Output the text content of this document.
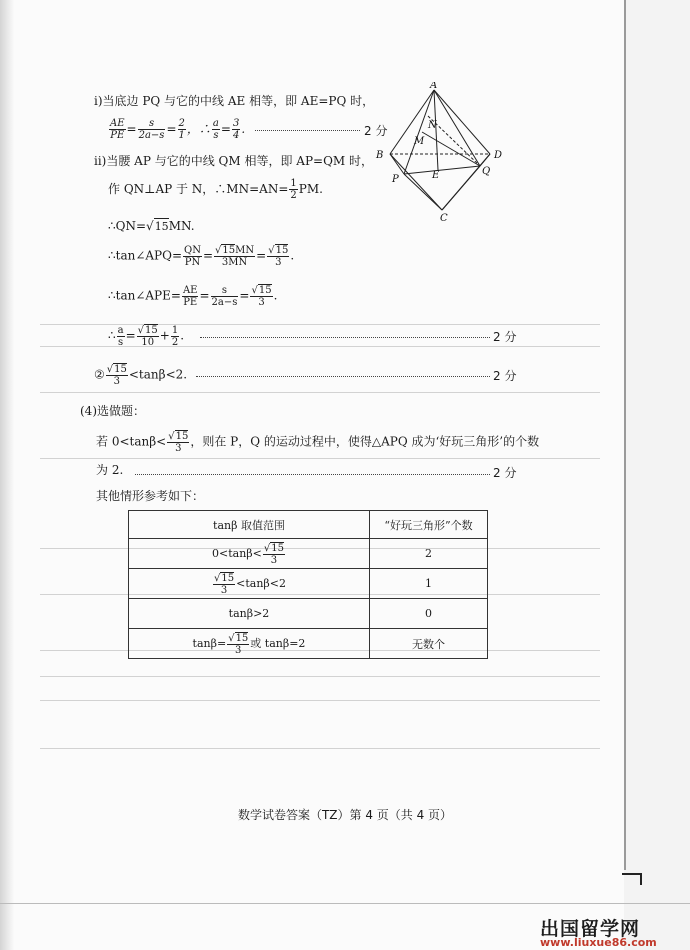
A
N
M
B
P	E
D
Q
C
ⅰ)当底边 PQ 与它的中线 AE 相等，即 AE=PQ 时，
$\frac{AE}{PE} = \frac{s}{2a-s} = \frac{2}{1}$ ，∴ $\frac{a}{s} = \frac{3}{4}$ .	2 分
ⅱ)当腰 AP 与它的中线 QM 相等，即 AP=QM 时，
作 QN⊥AP 于 N，∴MN=AN= $\frac{1}{2}$ PM.
∴QN=√15MN.
∴tan∠APQ= $\frac{QN}{PN} = \frac{√15MN}{3MN} = \frac{√15}{3}$ .
∴tan∠APE= $\frac{AE}{PE} = \frac{s}{2a-s} = \frac{√15}{3}$ .
∴ $\frac{a}{s} = \frac{√15}{10} + \frac{1}{2}$ .	2 分
② $\frac{√15}{3} <\tan\beta<2$.	2 分
(4)选做题：
若 $0<\tan\beta< \frac{√15}{3}$ ，则在 P，Q 的运动过程中，使得△APQ 成为‘好玩三角形’的个数
为 2.	2 分
其他情形参考如下：
tanβ 取值范围	“好玩三角形”个数
$0<\tan\beta< \frac{√15}{3}$	2

$\frac{√15}{3} <\tan\beta<2$	1
tanβ>2	0
$\tan\beta= \frac{√15}{3}$ 或 tanβ=2	无数个
数学试卷答案（TZ）第 4 页（共 4 页）
出国留学网
www.liuxue86.com
